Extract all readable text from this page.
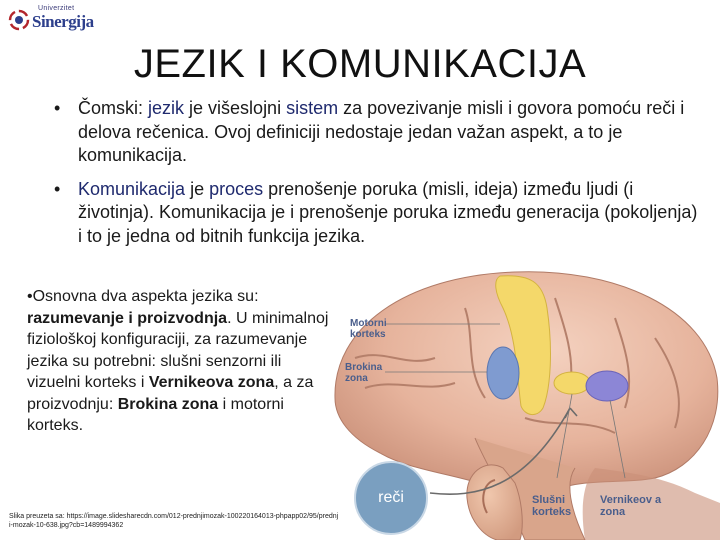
Univerzitet
Sinergija
JEZIK I KOMUNIKACIJA
• Čomski: jezik je višeslojni sistem za povezivanje misli i govora pomoću reči i delova rečenica. Ovoj definiciji nedostaje jedan važan aspekt, a to je komunikacija.
• Komunikacija je proces prenošenje poruka (misli, ideja) između ljudi (i životinja). Komunikacija je i prenošenje poruka između generacija (pokoljenja) i to je jedna od bitnih funkcija jezika.
Motorni korteks
Brokina zona
Slušni korteks
Vernikeov a zona
•Osnovna dva aspekta jezika su: razumevanje i proizvodnja. U minimalnoj fiziološkoj konfiguraciji, za razumevanje jezika su potrebni: slušni senzorni ili vizuelni korteks i Vernikeova zona, a za proizvodnju: Brokina zona i motorni korteks.
reči
Slika preuzeta sa: https://image.slidesharecdn.com/012-prednjimozak-100220164013-phpapp02/95/prednji-mozak-10-638.jpg?cb=1489994362
